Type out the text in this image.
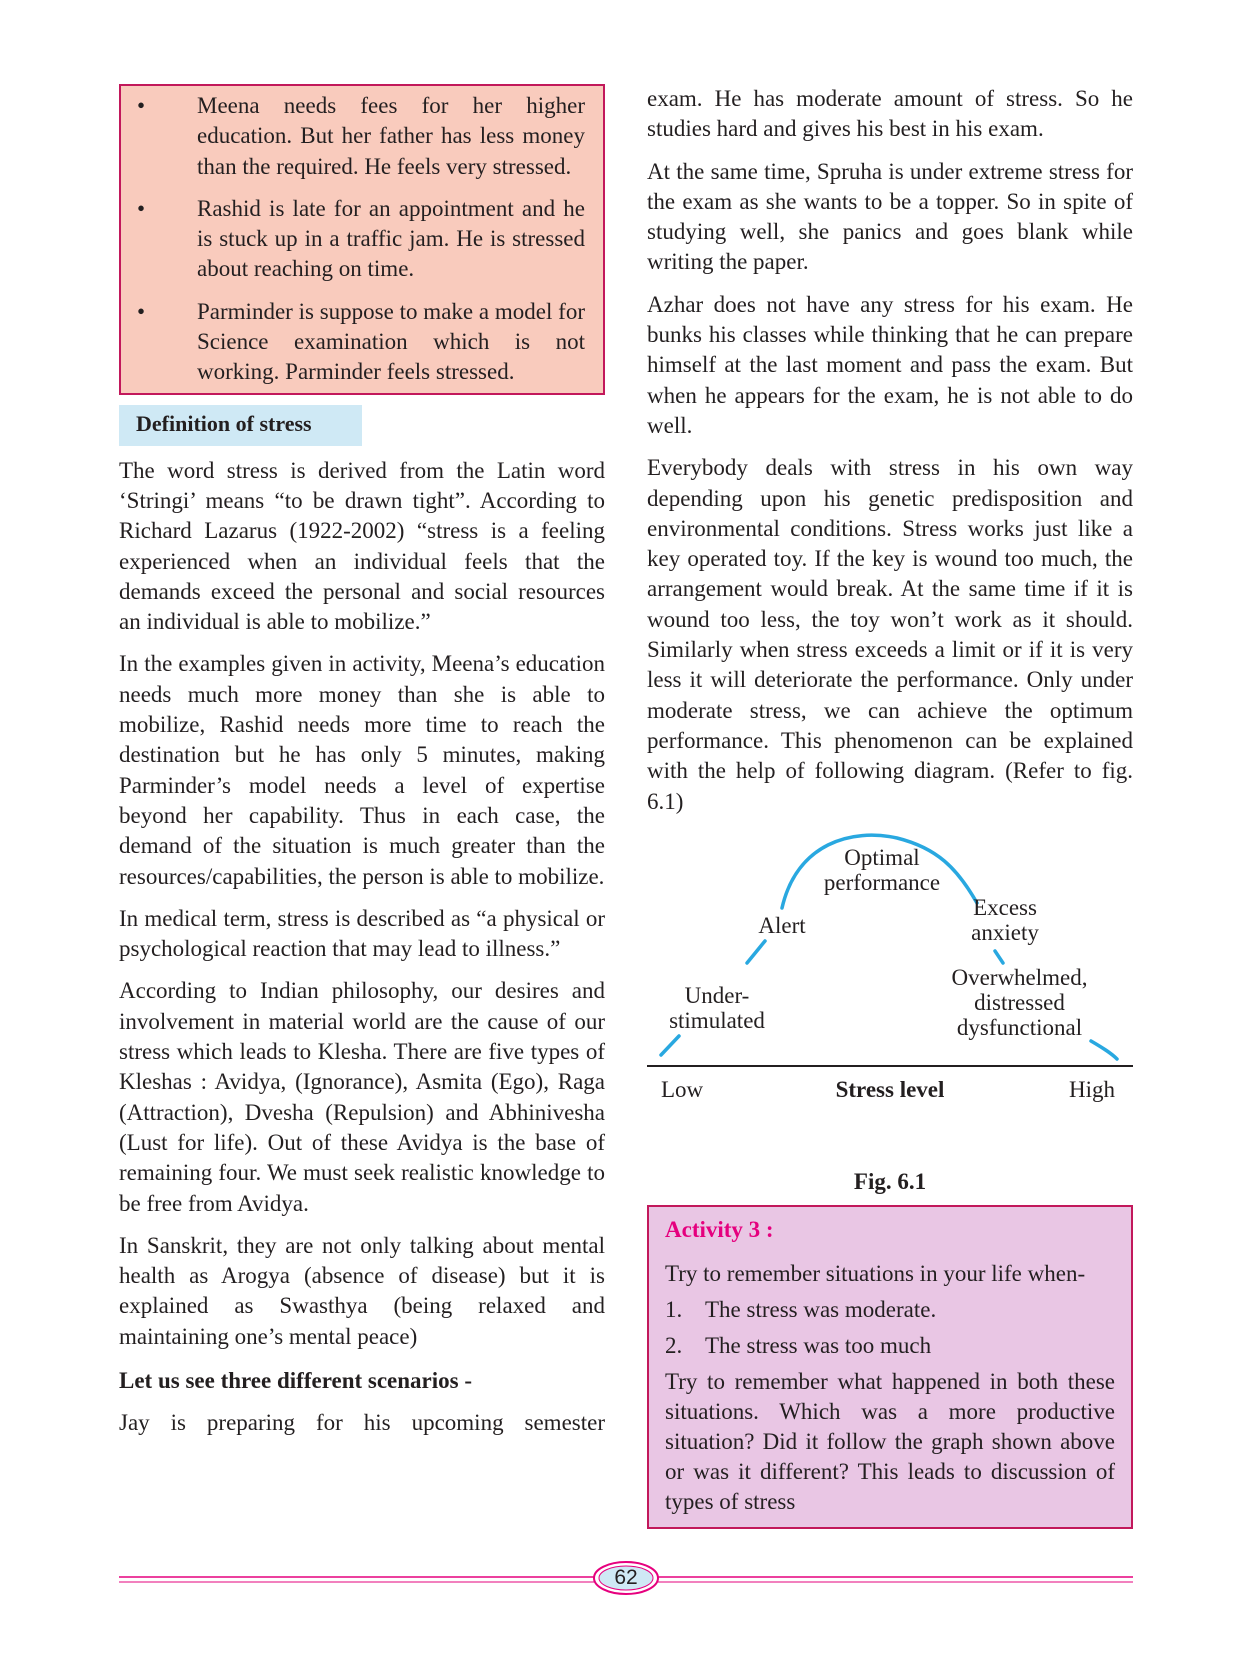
• Meena needs fees for her higher education. But her father has less money than the required. He feels very stressed.
• Rashid is late for an appointment and he is stuck up in a traffic jam. He is stressed about reaching on time.
• Parminder is suppose to make a model for Science examination which is not working. Parminder feels stressed.
Definition of stress

The word stress is derived from the Latin word ‘Stringi’ means “to be drawn tight”. According to Richard Lazarus (1922-2002) “stress is a feeling experienced when an individual feels that the demands exceed the personal and social resources an individual is able to mobilize.”

In the examples given in activity, Meena’s education needs much more money than she is able to mobilize, Rashid needs more time to reach the destination but he has only 5 minutes, making Parminder’s model needs a level of expertise beyond her capability. Thus in each case, the demand of the situation is much greater than the resources/capabilities, the person is able to mobilize.

In medical term, stress is described as “a physical or psychological reaction that may lead to illness.”

According to Indian philosophy, our desires and involvement in material world are the cause of our stress which leads to Klesha. There are five types of Kleshas : Avidya, (Ignorance), Asmita (Ego), Raga (Attraction), Dvesha (Repulsion) and Abhinivesha (Lust for life). Out of these Avidya is the base of remaining four. We must seek realistic knowledge to be free from Avidya.

In Sanskrit, they are not only talking about mental health as Arogya (absence of disease) but it is explained as Swasthya (being relaxed and maintaining one’s mental peace)

Let us see three different scenarios -

Jay is preparing for his upcoming semester

exam. He has moderate amount of stress. So he studies hard and gives his best in his exam.

At the same time, Spruha is under extreme stress for the exam as she wants to be a topper. So in spite of studying well, she panics and goes blank while writing the paper.

Azhar does not have any stress for his exam. He bunks his classes while thinking that he can prepare himself at the last moment and pass the exam. But when he appears for the exam, he is not able to do well.

Everybody deals with stress in his own way depending upon his genetic predisposition and environmental conditions. Stress works just like a key operated toy. If the key is wound too much, the arrangement would break. At the same time if it is wound too less, the toy won’t work as it should. Similarly when stress exceeds a limit or if it is very less it will deteriorate the performance. Only under moderate stress, we can achieve the optimum performance. This phenomenon can be explained with the help of following diagram. (Refer to fig. 6.1)

Optimal
performance
Alert
Excess
anxiety
Under-
stimulated
Overwhelmed,
distressed
dysfunctional
Low	Stress level	High
Fig. 6.1
Activity 3 :
Try to remember situations in your life when-
1. The stress was moderate.
2. The stress was too much
Try to remember what happened in both these situations. Which was a more productive situation? Did it follow the graph shown above or was it different? This leads to discussion of types of stress
62
